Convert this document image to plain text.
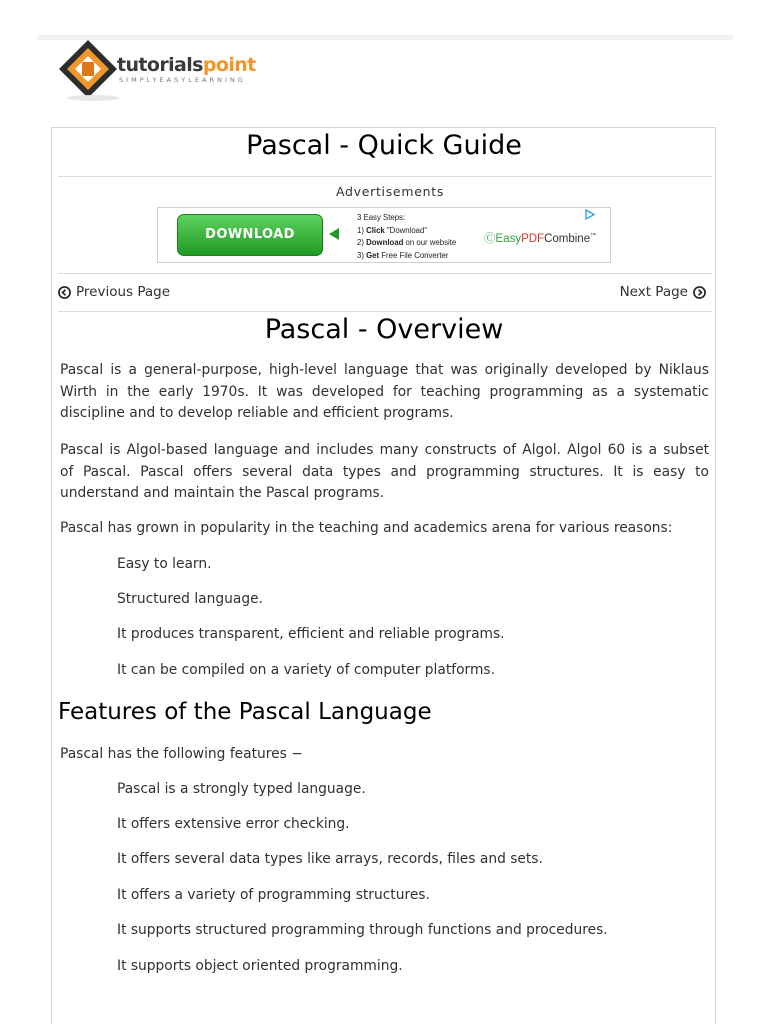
tutorialspoint
SIMPLYEASYLEARNING
Pascal - Quick Guide
Advertisements
DOWNLOAD
3 Easy Steps:
1) Click "Download"
2) Download on our website
3) Get Free File Converter
ⒸEasyPDFCombine™
Previous Page	Next Page
Pascal - Overview
Pascal is a general-purpose, high-level language that was originally developed by Niklaus
Wirth in the early 1970s. It was developed for teaching programming as a systematic
discipline and to develop reliable and efficient programs.
Pascal is Algol-based language and includes many constructs of Algol. Algol 60 is a subset
of Pascal. Pascal offers several data types and programming structures. It is easy to
understand and maintain the Pascal programs.
Pascal has grown in popularity in the teaching and academics arena for various reasons:
Easy to learn.
Structured language.
It produces transparent, efficient and reliable programs.
It can be compiled on a variety of computer platforms.
Features of the Pascal Language
Pascal has the following features −
Pascal is a strongly typed language.
It offers extensive error checking.
It offers several data types like arrays, records, files and sets.
It offers a variety of programming structures.
It supports structured programming through functions and procedures.
It supports object oriented programming.
